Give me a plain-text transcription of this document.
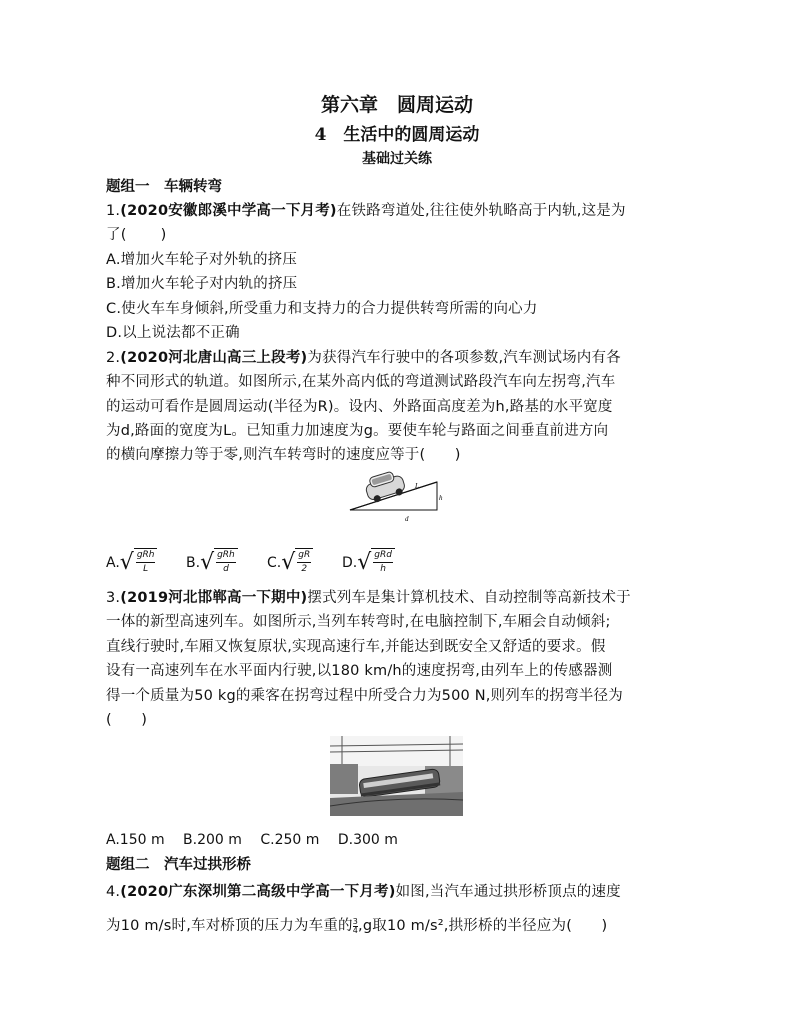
第六章　圆周运动
4　生活中的圆周运动
基础过关练
题组一　车辆转弯
1.(2020安徽郎溪中学高一下月考)在铁路弯道处,往往使外轨略高于内轨,这是为
了( )
A.增加火车轮子对外轨的挤压
B.增加火车轮子对内轨的挤压
C.使火车车身倾斜,所受重力和支持力的合力提供转弯所需的向心力
D.以上说法都不正确
2.(2020河北唐山高三上段考)为获得汽车行驶中的各项参数,汽车测试场内有各
种不同形式的轨道。如图所示,在某外高内低的弯道测试路段汽车向左拐弯,汽车
的运动可看作是圆周运动(半径为R)。设内、外路面高度差为h,路基的水平宽度
为d,路面的宽度为L。已知重力加速度为g。要使车轮与路面之间垂直前进方向
的横向摩擦力等于零,则汽车转弯时的速度应等于(　　)
L
h
d
A. √ $\frac{\text{gRh}}{L} B$. √ $\frac{\text{gRh}}{d} C$. √ $\frac{gR}{2} D$. √ $\frac{\text{gRd}}{h}$
3.(2019河北邯郸高一下期中)摆式列车是集计算机技术、自动控制等高新技术于
一体的新型高速列车。如图所示,当列车转弯时,在电脑控制下,车厢会自动倾斜;
直线行驶时,车厢又恢复原状,实现高速行车,并能达到既安全又舒适的要求。假
设有一高速列车在水平面内行驶,以180 km/h的速度拐弯,由列车上的传感器测
得一个质量为50 kg的乘客在拐弯过程中所受合力为500 N,则列车的拐弯半径为
(　　)
A.150 m　 B.200 m　 C.250 m　 D.300 m
题组二　汽车过拱形桥
4.(2020广东深圳第二高级中学高一下月考)如图,当汽车通过拱形桥顶点的速度
为10 m/s时,车对桥顶的压力为车重的 $\frac{3}{4} ,g$取10 m/s²,拱形桥的半径应为(　　)
